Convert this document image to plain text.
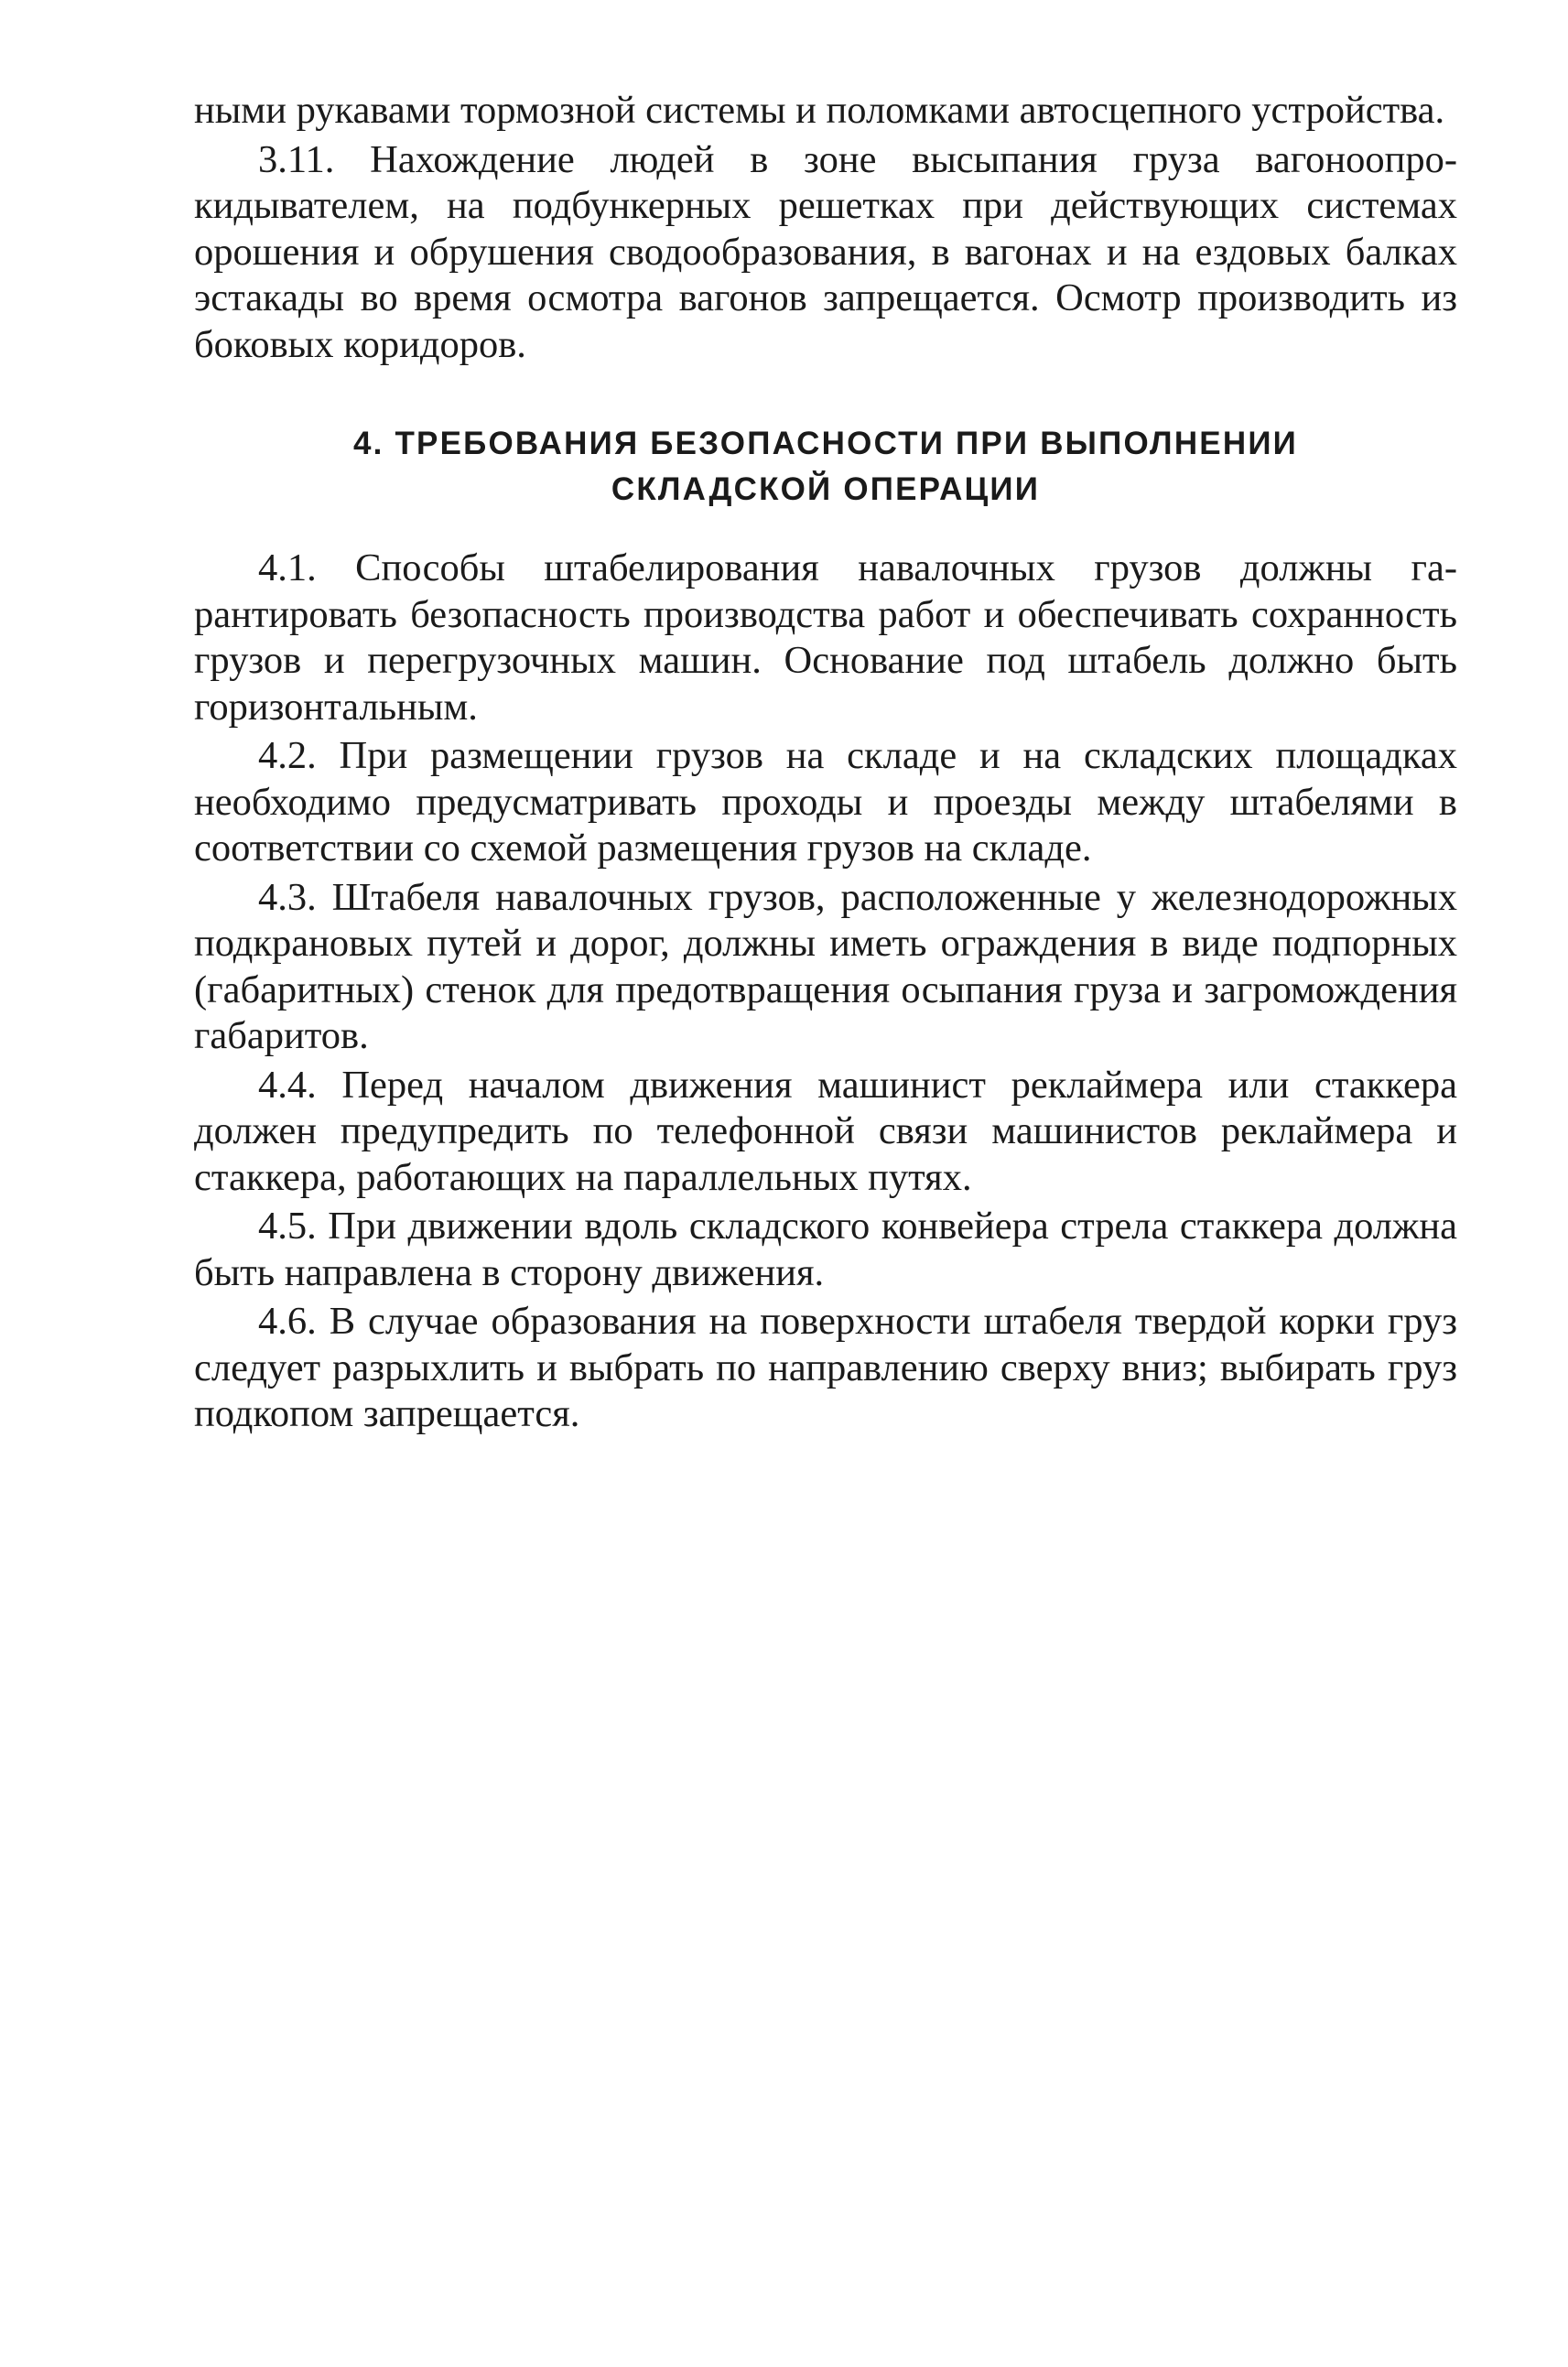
ными рукавами тормозной системы и поломками автосцепного устройства.

3.11. Нахождение людей в зоне высыпания груза вагоноопрокидывателем, на подбункерных решетках при действующих системах орошения и обрушения сводообразования, в вагонах и на ездовых балках эстакады во время осмотра вагонов запрещается. Осмотр производить из боковых коридоров.

4. ТРЕБОВАНИЯ БЕЗОПАСНОСТИ ПРИ ВЫПОЛНЕНИИ
СКЛАДСКОЙ ОПЕРАЦИИ

4.1. Способы штабелирования навалочных грузов должны гарантировать безопасность производства работ и обеспечивать сохранность грузов и перегрузочных машин. Основание под штабель должно быть горизонтальным.

4.2. При размещении грузов на складе и на складских площадках необходимо предусматривать проходы и проезды между штабелями в соответствии со схемой размещения грузов на складе.

4.3. Штабеля навалочных грузов, расположенные у железнодорожных подкрановых путей и дорог, должны иметь ограждения в виде подпорных (габаритных) стенок для предотвращения осыпания груза и загромождения габаритов.

4.4. Перед началом движения машинист реклаймера или стаккера должен предупредить по телефонной связи машинистов реклаймера и стаккера, работающих на параллельных путях.

4.5. При движении вдоль складского конвейера стрела стаккера должна быть направлена в сторону движения.

4.6. В случае образования на поверхности штабеля твердой корки груз следует разрыхлить и выбрать по направлению сверху вниз; выбирать груз подкопом запрещается.
